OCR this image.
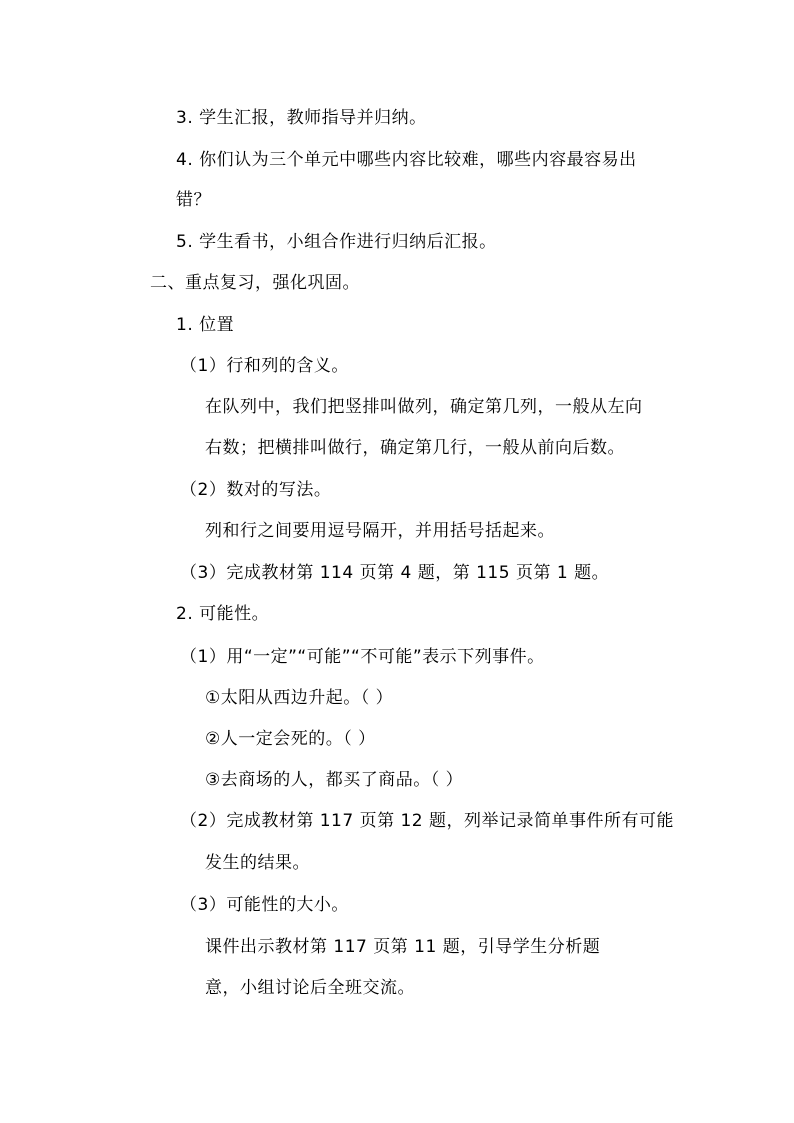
3. 学生汇报，教师指导并归纳。
4. 你们认为三个单元中哪些内容比较难，哪些内容最容易出
错？
5. 学生看书，小组合作进行归纳后汇报。
二、重点复习，强化巩固。
1. 位置
（1）行和列的含义。
在队列中，我们把竖排叫做列，确定第几列，一般从左向
右数；把横排叫做行，确定第几行，一般从前向后数。
（2）数对的写法。
列和行之间要用逗号隔开，并用括号括起来。
（3）完成教材第 114 页第 4 题，第 115 页第 1 题。
2. 可能性。
（1）用“一定”“可能”“不可能”表示下列事件。
①太阳从西边升起。（ ）
②人一定会死的。（ ）
③去商场的人，都买了商品。（ ）
（2）完成教材第 117 页第 12 题，列举记录简单事件所有可能
发生的结果。
（3）可能性的大小。
课件出示教材第 117 页第 11 题，引导学生分析题
意，小组讨论后全班交流。
